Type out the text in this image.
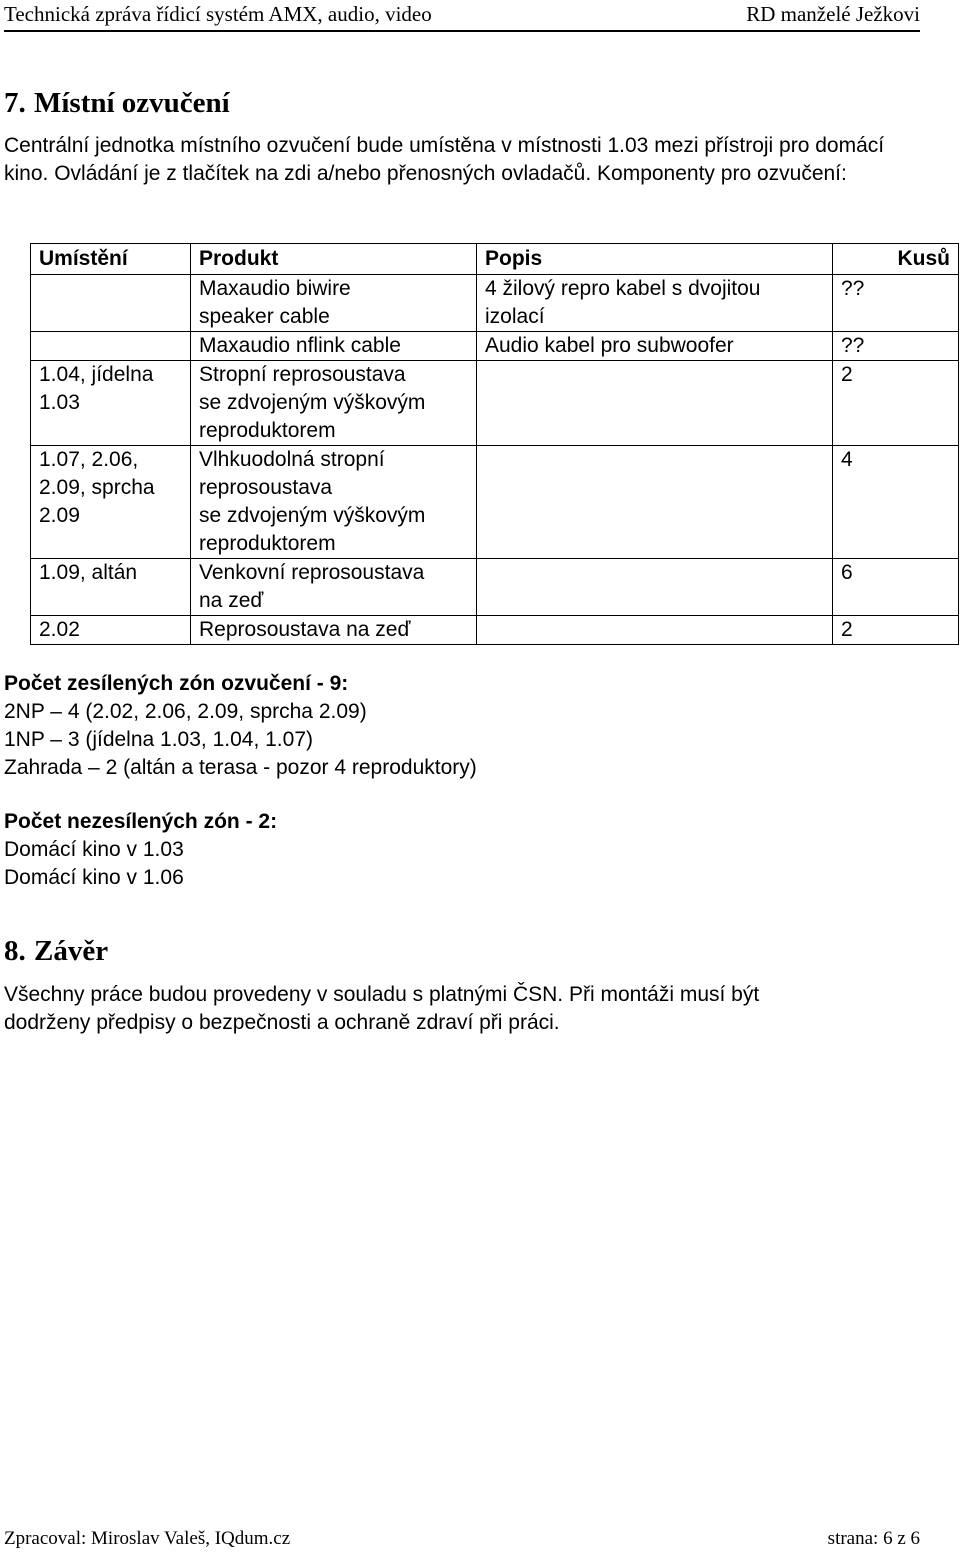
Technická zpráva řídicí systém AMX, audio, video	RD manželé Ježkovi
7. Místní ozvučení
Centrální jednotka místního ozvučení bude umístěna v místnosti 1.03 mezi přístroji pro domácí kino. Ovládání je z tlačítek na zdi a/nebo přenosných ovladačů. Komponenty pro ozvučení:
Umístění	Produkt	Popis	Kusů

	Maxaudio biwire
speaker cable	4 žilový repro kabel s dvojitou
izolací	??

	Maxaudio nflink cable	Audio kabel pro subwoofer	??

1.04, jídelna
1.03	Stropní reprosoustava
se zdvojeným výškovým
reproduktorem		2

1.07, 2.06,
2.09, sprcha
2.09	Vlhkuodolná stropní
reprosoustava
se zdvojeným výškovým
reproduktorem		4

1.09, altán	Venkovní reprosoustava
na zeď		6

2.02	Reprosoustava na zeď		2
Počet zesílených zón ozvučení - 9:
2NP – 4 (2.02, 2.06, 2.09, sprcha 2.09)
1NP – 3 (jídelna 1.03, 1.04, 1.07)
Zahrada – 2 (altán a terasa - pozor 4 reproduktory)
Počet nezesílených zón - 2:
Domácí kino v 1.03
Domácí kino v 1.06
8. Závěr
Všechny práce budou provedeny v souladu s platnými ČSN. Při montáži musí být
dodrženy předpisy o bezpečnosti a ochraně zdraví při práci.
Zpracoval: Miroslav Valeš, IQdum.cz	strana: 6 z 6
